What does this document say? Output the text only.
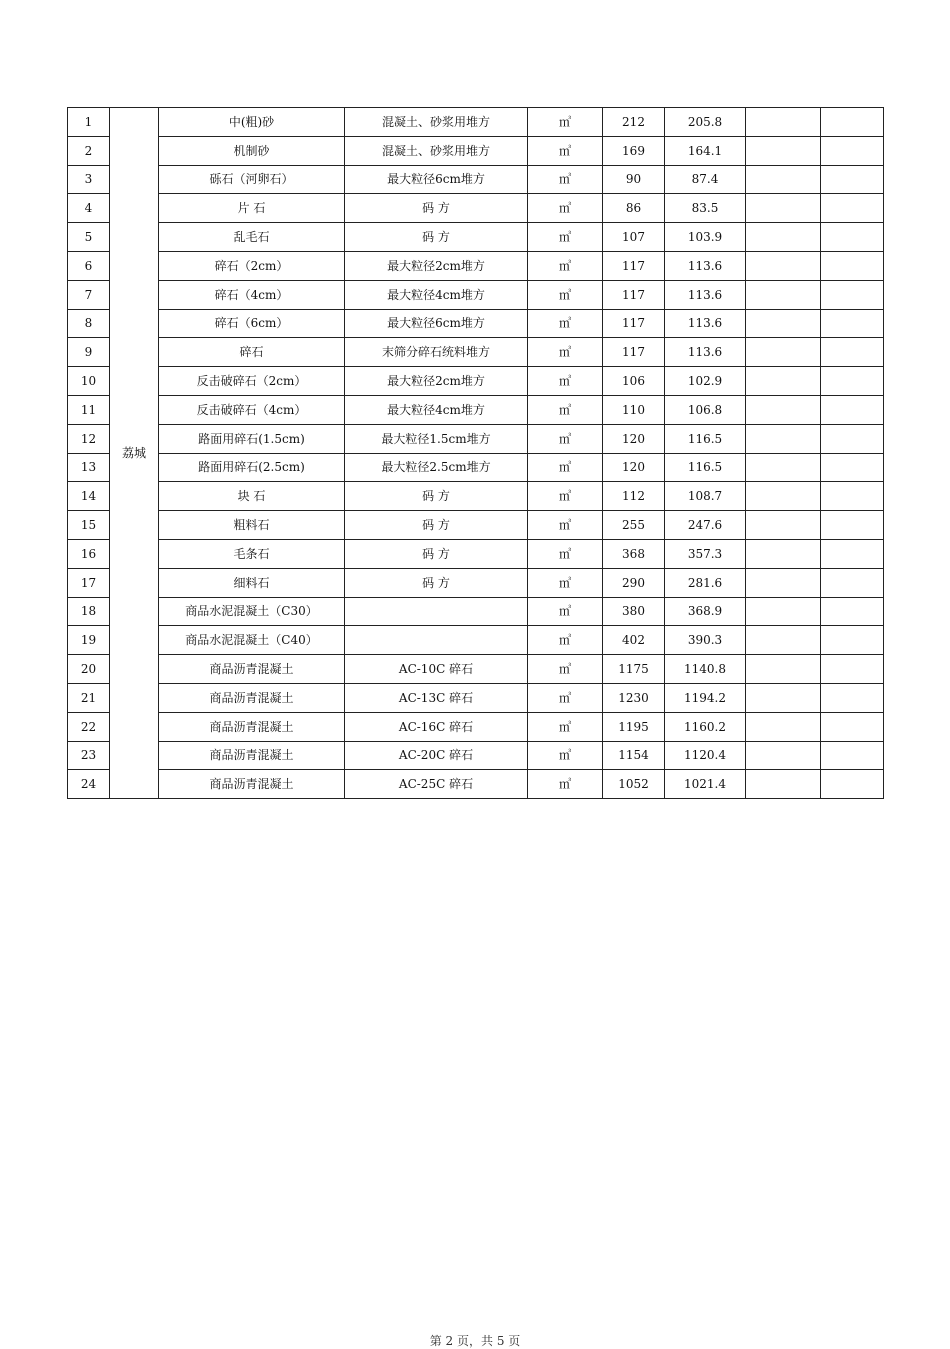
1	荔城	中(粗)砂	混凝土、砂浆用堆方	㎥	212	205.8		
2		机制砂	混凝土、砂浆用堆方	㎥	169	164.1		
3		砾石（河卵石）	最大粒径6cm堆方	㎥	90	87.4		
4		片 石	码 方	㎥	86	83.5		
5		乱毛石	码 方	㎥	107	103.9		
6		碎石（2cm）	最大粒径2cm堆方	㎥	117	113.6		
7		碎石（4cm）	最大粒径4cm堆方	㎥	117	113.6		
8		碎石（6cm）	最大粒径6cm堆方	㎥	117	113.6		
9		碎石	末筛分碎石统料堆方	㎥	117	113.6		
10		反击破碎石（2cm）	最大粒径2cm堆方	㎥	106	102.9		
11		反击破碎石（4cm）	最大粒径4cm堆方	㎥	110	106.8		
12		路面用碎石(1.5cm)	最大粒径1.5cm堆方	㎥	120	116.5		
13		路面用碎石(2.5cm)	最大粒径2.5cm堆方	㎥	120	116.5		
14		块 石	码 方	㎥	112	108.7		
15		粗料石	码 方	㎥	255	247.6		
16		毛条石	码 方	㎥	368	357.3		
17		细料石	码 方	㎥	290	281.6		
18		商品水泥混凝土（C30）		㎥	380	368.9		
19		商品水泥混凝土（C40）		㎥	402	390.3		
20		商品沥青混凝土	AC-10C 碎石	㎥	1175	1140.8		
21		商品沥青混凝土	AC-13C 碎石	㎥	1230	1194.2		
22		商品沥青混凝土	AC-16C 碎石	㎥	1195	1160.2		
23		商品沥青混凝土	AC-20C 碎石	㎥	1154	1120.4		
24		商品沥青混凝土	AC-25C 碎石	㎥	1052	1021.4		
第 2 页，共 5 页
